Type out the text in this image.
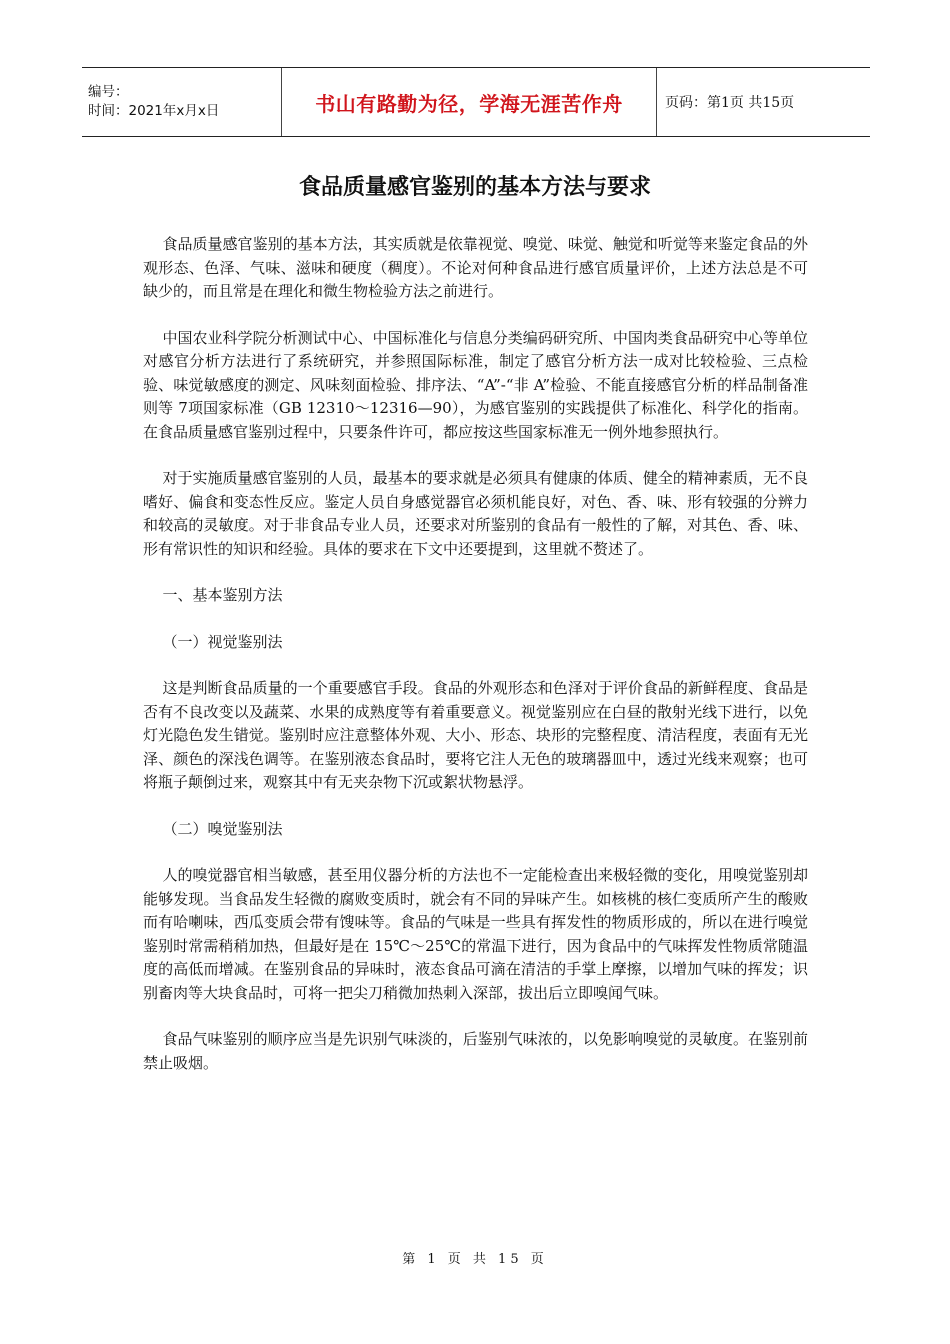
编号：
时间：2021年x月x日	书山有路勤为径，学海无涯苦作舟	页码：第1页 共15页
食品质量感官鉴别的基本方法与要求

食品质量感官鉴别的基本方法，其实质就是依靠视觉、嗅觉、味觉、触觉和听觉等来鉴定食品的外观形态、色泽、气味、滋味和硬度（稠度）。不论对何种食品进行感官质量评价，上述方法总是不可缺少的，而且常是在理化和微生物检验方法之前进行。

中国农业科学院分析测试中心、中国标准化与信息分类编码研究所、中国肉类食品研究中心等单位对感官分析方法进行了系统研究，并参照国际标准，制定了感官分析方法一成对比较检验、三点检验、味觉敏感度的测定、风味刻面检验、排序法、“A”-“非 A”检验、不能直接感官分析的样品制备准则等 7项国家标准（GB 12310～12316—90），为感官鉴别的实践提供了标准化、科学化的指南。在食品质量感官鉴别过程中，只要条件许可，都应按这些国家标准无一例外地参照执行。

对于实施质量感官鉴别的人员，最基本的要求就是必须具有健康的体质、健全的精神素质，无不良嗜好、偏食和变态性反应。鉴定人员自身感觉器官必须机能良好，对色、香、味、形有较强的分辨力和较高的灵敏度。对于非食品专业人员，还要求对所鉴别的食品有一般性的了解，对其色、香、味、形有常识性的知识和经验。具体的要求在下文中还要提到，这里就不赘述了。

一、基本鉴别方法

（一）视觉鉴别法

这是判断食品质量的一个重要感官手段。食品的外观形态和色泽对于评价食品的新鲜程度、食品是否有不良改变以及蔬菜、水果的成熟度等有着重要意义。视觉鉴别应在白昼的散射光线下进行，以免灯光隐色发生错觉。鉴别时应注意整体外观、大小、形态、块形的完整程度、清洁程度，表面有无光泽、颜色的深浅色调等。在鉴别液态食品时，要将它注人无色的玻璃器皿中，透过光线来观察；也可将瓶子颠倒过来，观察其中有无夹杂物下沉或絮状物悬浮。

（二）嗅觉鉴别法

人的嗅觉器官相当敏感，甚至用仪器分析的方法也不一定能检查出来极轻微的变化，用嗅觉鉴别却能够发现。当食品发生轻微的腐败变质时，就会有不同的异味产生。如核桃的核仁变质所产生的酸败而有哈喇味，西瓜变质会带有馊味等。食品的气味是一些具有挥发性的物质形成的，所以在进行嗅觉鉴别时常需稍稍加热，但最好是在 15℃～25℃的常温下进行，因为食品中的气味挥发性物质常随温度的高低而增减。在鉴别食品的异味时，液态食品可滴在清洁的手掌上摩擦，以增加气味的挥发；识别畜肉等大块食品时，可将一把尖刀稍微加热刺入深部，拔出后立即嗅闻气味。

食品气味鉴别的顺序应当是先识别气味淡的，后鉴别气味浓的，以免影响嗅觉的灵敏度。在鉴别前禁止吸烟。

第 1 页 共 15 页
